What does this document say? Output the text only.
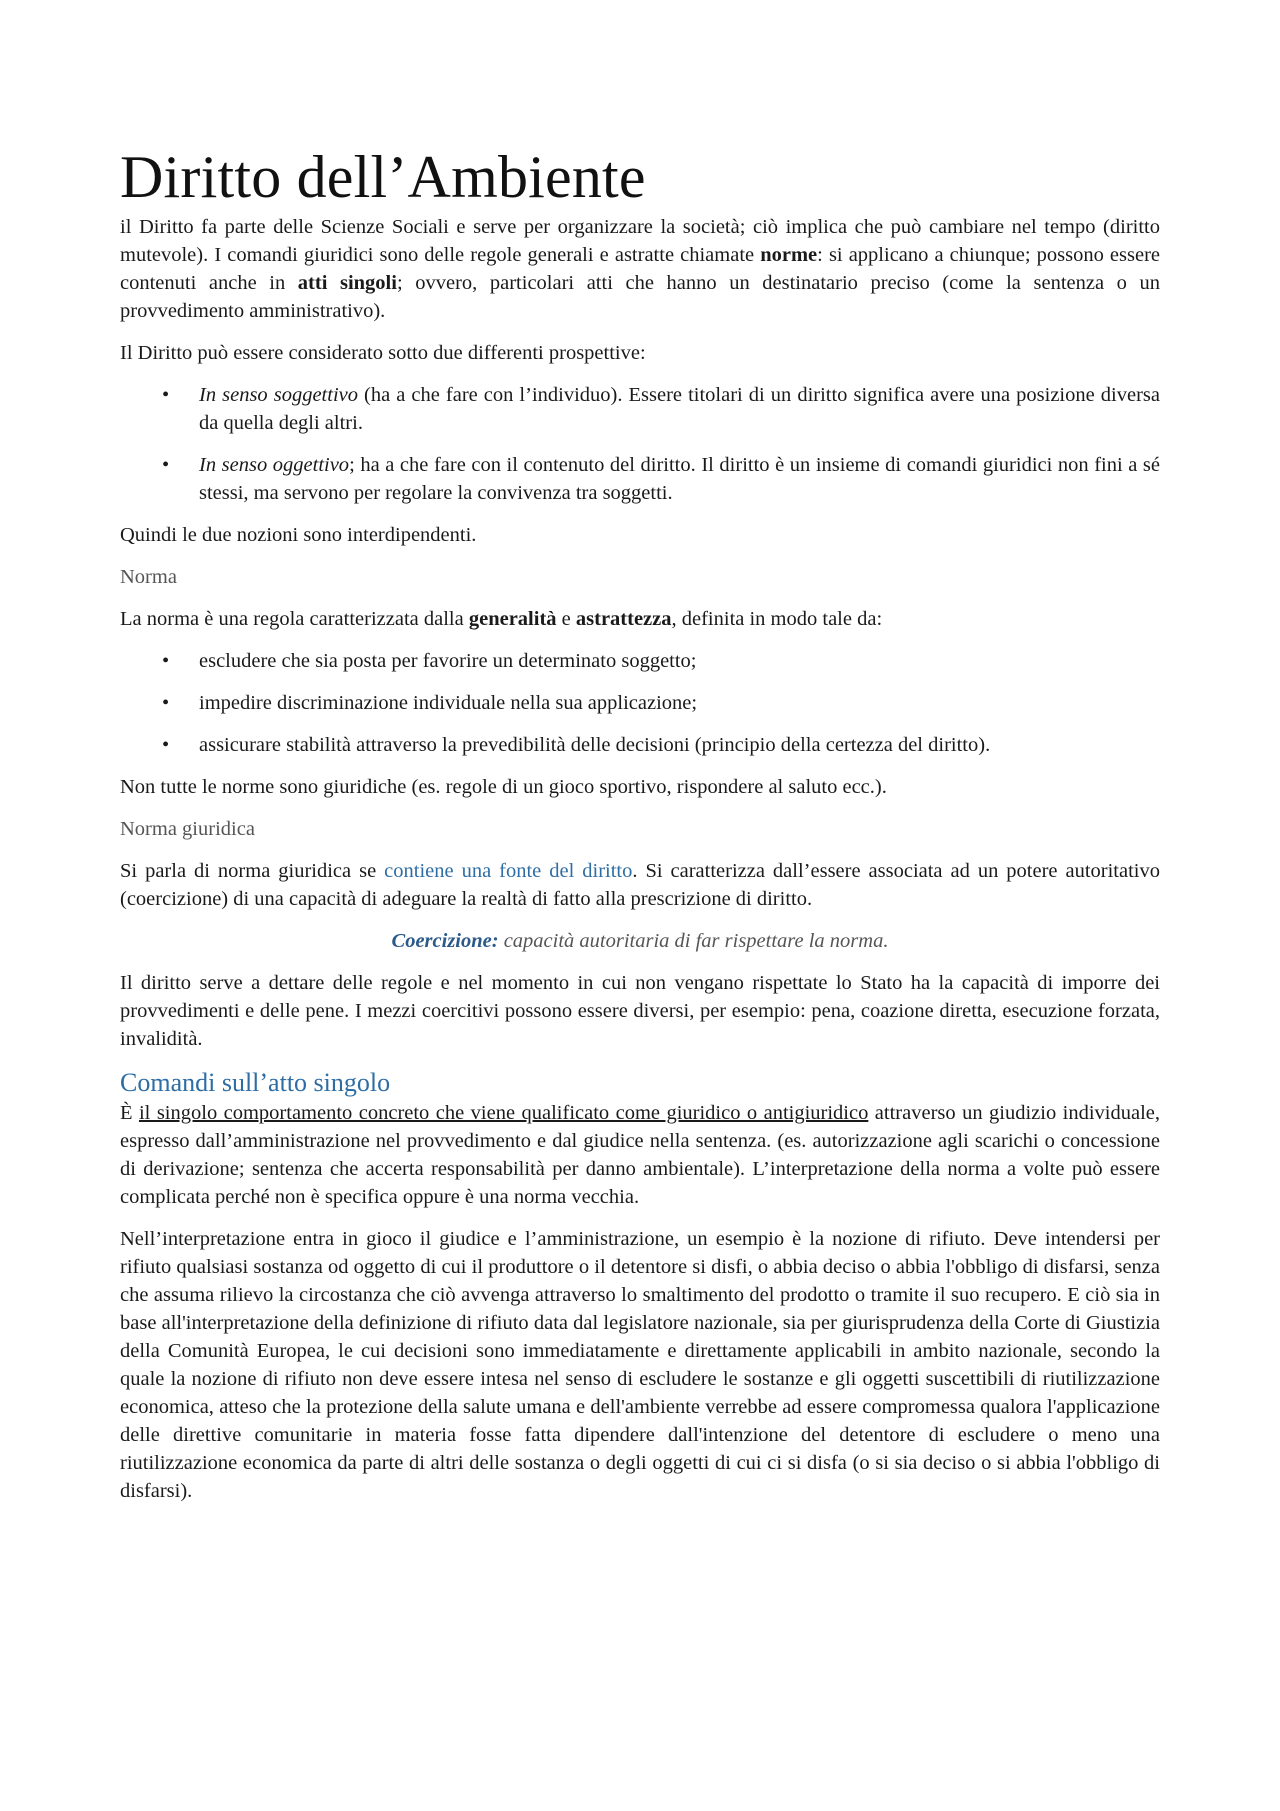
Diritto dell’Ambiente

il Diritto fa parte delle Scienze Sociali e serve per organizzare la società; ciò implica che può cambiare nel tempo (diritto mutevole). I comandi giuridici sono delle regole generali e astratte chiamate norme: si applicano a chiunque; possono essere contenuti anche in atti singoli; ovvero, particolari atti che hanno un destinatario preciso (come la sentenza o un provvedimento amministrativo).

Il Diritto può essere considerato sotto due differenti prospettive:

• In senso soggettivo (ha a che fare con l’individuo). Essere titolari di un diritto significa avere una posizione diversa da quella degli altri.
• In senso oggettivo; ha a che fare con il contenuto del diritto. Il diritto è un insieme di comandi giuridici non fini a sé stessi, ma servono per regolare la convivenza tra soggetti.

Quindi le due nozioni sono interdipendenti.

Norma

La norma è una regola caratterizzata dalla generalità e astrattezza, definita in modo tale da:

• escludere che sia posta per favorire un determinato soggetto;
• impedire discriminazione individuale nella sua applicazione;
• assicurare stabilità attraverso la prevedibilità delle decisioni (principio della certezza del diritto).

Non tutte le norme sono giuridiche (es. regole di un gioco sportivo, rispondere al saluto ecc.).

Norma giuridica

Si parla di norma giuridica se contiene una fonte del diritto. Si caratterizza dall’essere associata ad un potere autoritativo (coercizione) di una capacità di adeguare la realtà di fatto alla prescrizione di diritto.

Coercizione: capacità autoritaria di far rispettare la norma.

Il diritto serve a dettare delle regole e nel momento in cui non vengano rispettate lo Stato ha la capacità di imporre dei provvedimenti e delle pene. I mezzi coercitivi possono essere diversi, per esempio: pena, coazione diretta, esecuzione forzata, invalidità.

Comandi sull’atto singolo

È il singolo comportamento concreto che viene qualificato come giuridico o antigiuridico attraverso un giudizio individuale, espresso dall’amministrazione nel provvedimento e dal giudice nella sentenza. (es. autorizzazione agli scarichi o concessione di derivazione; sentenza che accerta responsabilità per danno ambientale). L’interpretazione della norma a volte può essere complicata perché non è specifica oppure è una norma vecchia.

Nell’interpretazione entra in gioco il giudice e l’amministrazione, un esempio è la nozione di rifiuto. Deve intendersi per rifiuto qualsiasi sostanza od oggetto di cui il produttore o il detentore si disfi, o abbia deciso o abbia l'obbligo di disfarsi, senza che assuma rilievo la circostanza che ciò avvenga attraverso lo smaltimento del prodotto o tramite il suo recupero. E ciò sia in base all'interpretazione della definizione di rifiuto data dal legislatore nazionale, sia per giurisprudenza della Corte di Giustizia della Comunità Europea, le cui decisioni sono immediatamente e direttamente applicabili in ambito nazionale, secondo la quale la nozione di rifiuto non deve essere intesa nel senso di escludere le sostanze e gli oggetti suscettibili di riutilizzazione economica, atteso che la protezione della salute umana e dell'ambiente verrebbe ad essere compromessa qualora l'applicazione delle direttive comunitarie in materia fosse fatta dipendere dall'intenzione del detentore di escludere o meno una riutilizzazione economica da parte di altri delle sostanza o degli oggetti di cui ci si disfa (o si sia deciso o si abbia l'obbligo di disfarsi).
